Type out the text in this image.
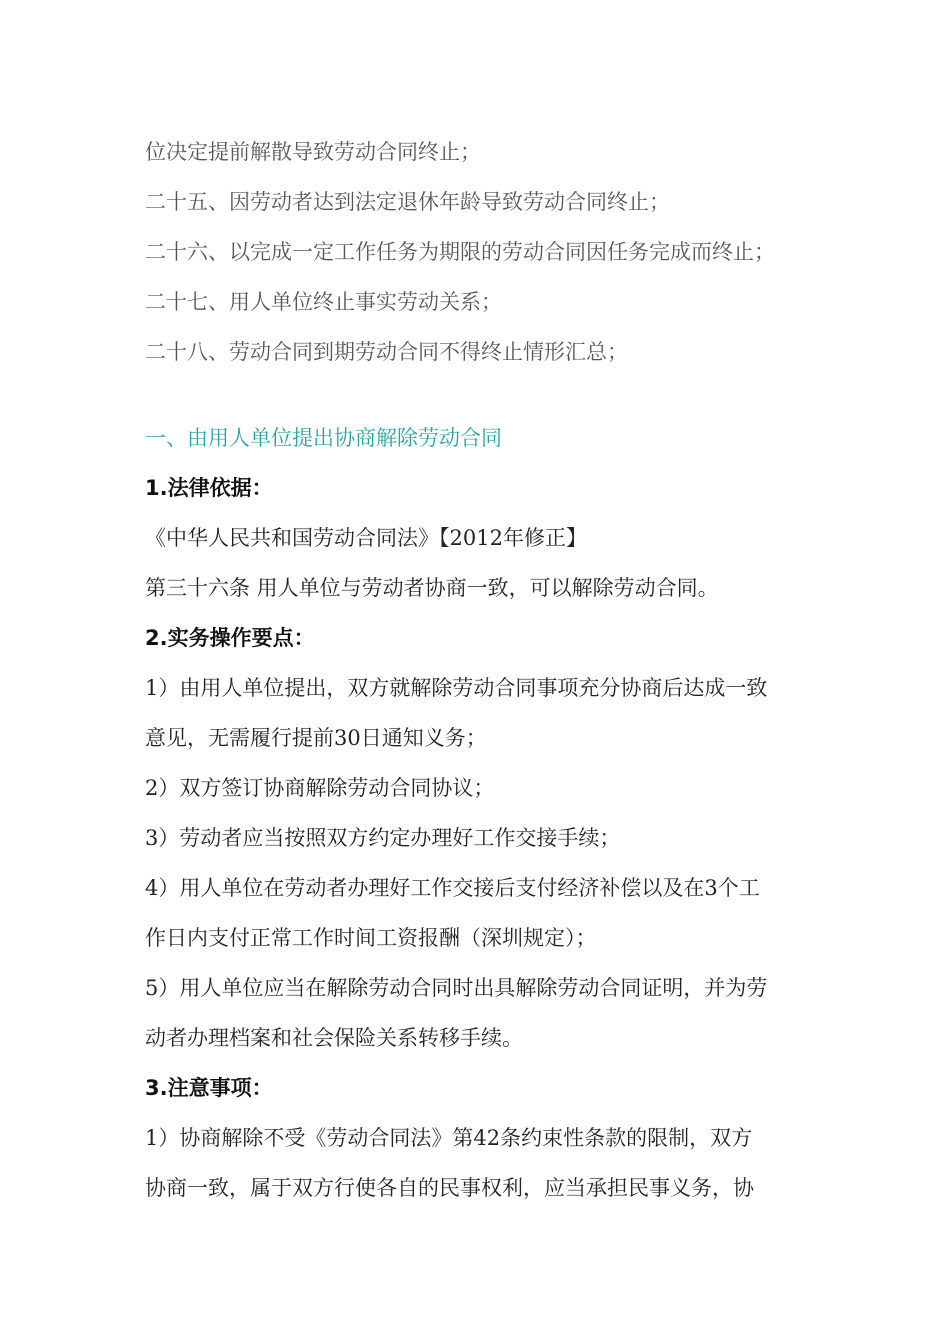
位决定提前解散导致劳动合同终止；
二十五、因劳动者达到法定退休年龄导致劳动合同终止；
二十六、以完成一定工作任务为期限的劳动合同因任务完成而终止；
二十七、用人单位终止事实劳动关系；
二十八、劳动合同到期劳动合同不得终止情形汇总；
一、由用人单位提出协商解除劳动合同
1.法律依据：
《中华人民共和国劳动合同法》【2012年修正】
第三十六条 用人单位与劳动者协商一致，可以解除劳动合同。
2.实务操作要点：
1）由用人单位提出，双方就解除劳动合同事项充分协商后达成一致
意见，无需履行提前30日通知义务；
2）双方签订协商解除劳动合同协议；
3）劳动者应当按照双方约定办理好工作交接手续；
4）用人单位在劳动者办理好工作交接后支付经济补偿以及在3个工
作日内支付正常工作时间工资报酬（深圳规定）；
5）用人单位应当在解除劳动合同时出具解除劳动合同证明，并为劳
动者办理档案和社会保险关系转移手续。
3.注意事项：
1）协商解除不受《劳动合同法》第42条约束性条款的限制，双方
协商一致，属于双方行使各自的民事权利，应当承担民事义务，协
